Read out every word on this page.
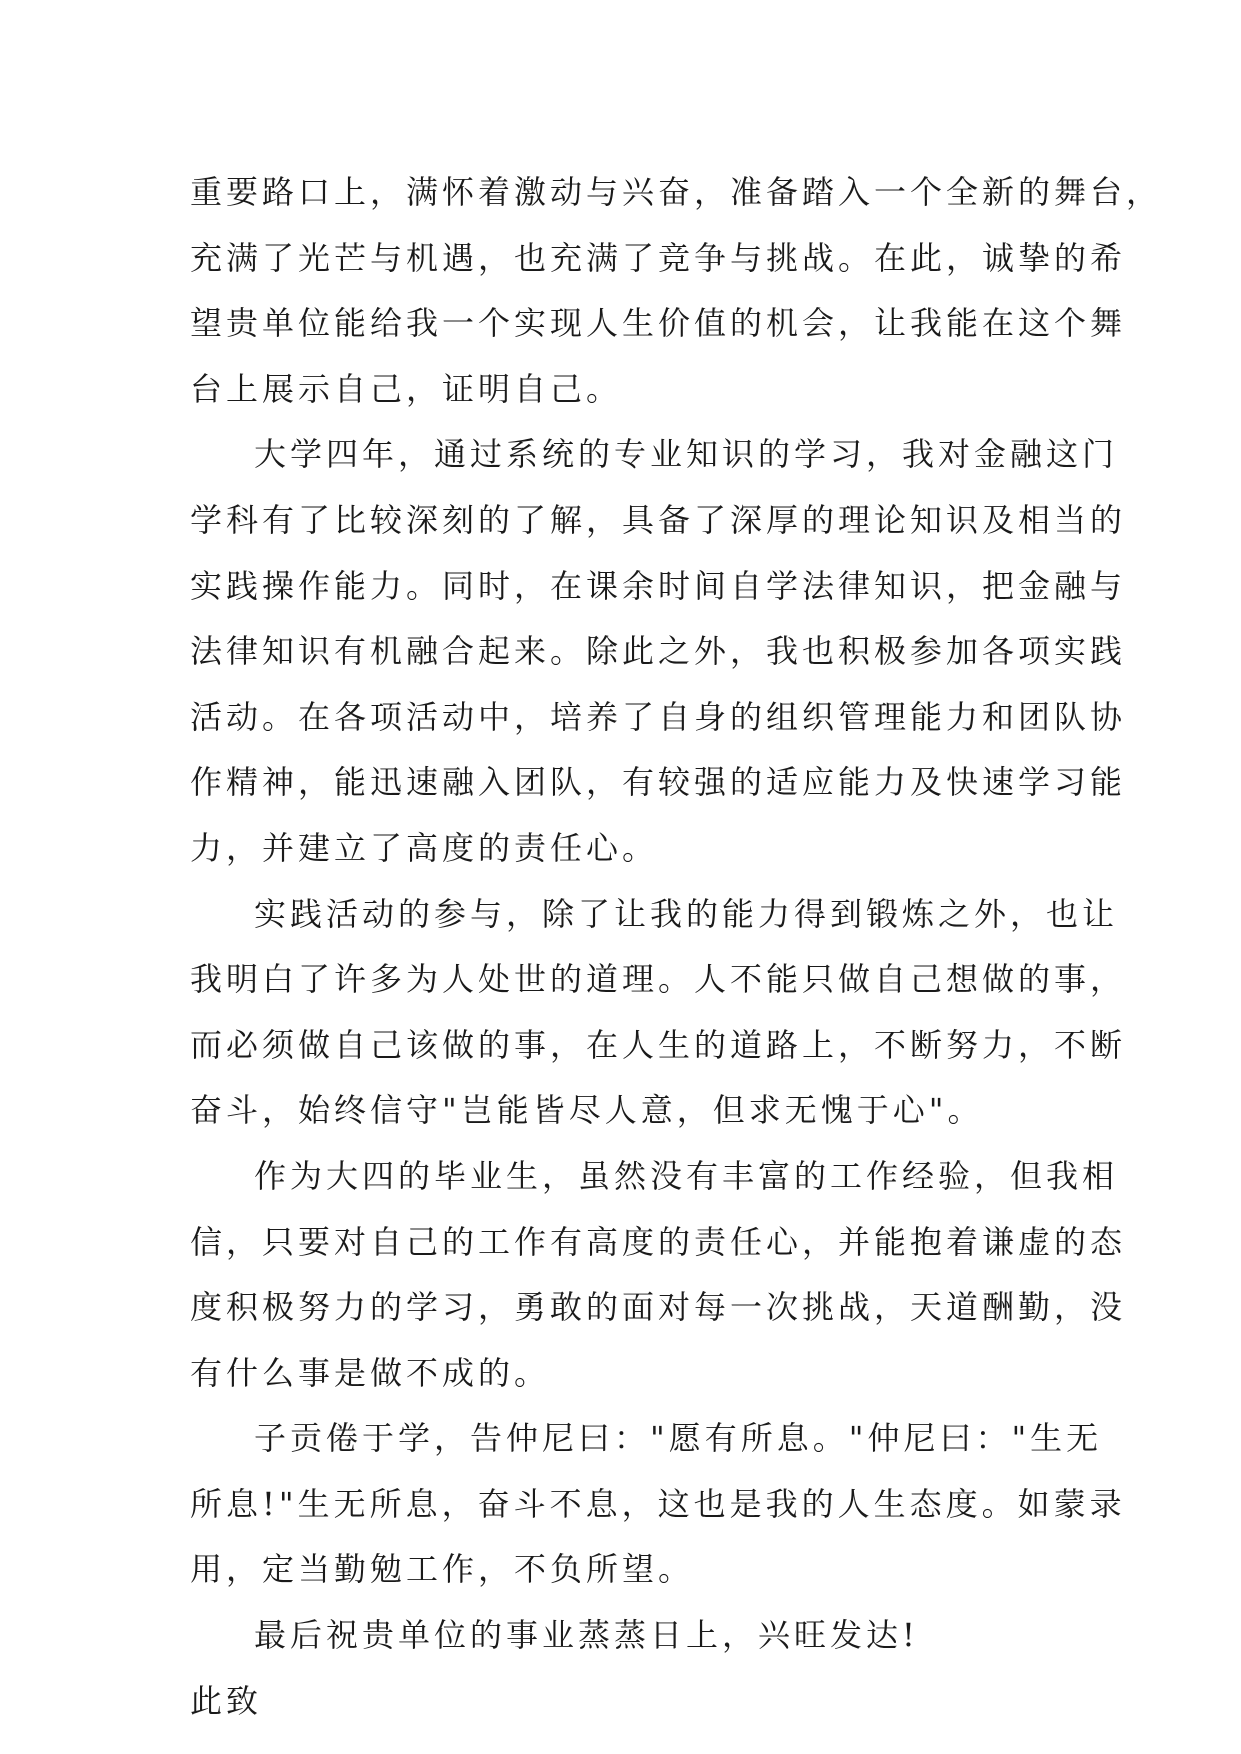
重要路口上，满怀着激动与兴奋，准备踏入一个全新的舞台，
充满了光芒与机遇，也充满了竞争与挑战。在此，诚挚的希
望贵单位能给我一个实现人生价值的机会，让我能在这个舞
台上展示自己，证明自己。
大学四年，通过系统的专业知识的学习，我对金融这门
学科有了比较深刻的了解，具备了深厚的理论知识及相当的
实践操作能力。同时，在课余时间自学法律知识，把金融与
法律知识有机融合起来。除此之外，我也积极参加各项实践
活动。在各项活动中，培养了自身的组织管理能力和团队协
作精神，能迅速融入团队，有较强的适应能力及快速学习能
力，并建立了高度的责任心。
实践活动的参与，除了让我的能力得到锻炼之外，也让
我明白了许多为人处世的道理。人不能只做自己想做的事，
而必须做自己该做的事，在人生的道路上，不断努力，不断
奋斗，始终信守"岂能皆尽人意，但求无愧于心"。
作为大四的毕业生，虽然没有丰富的工作经验，但我相
信，只要对自己的工作有高度的责任心，并能抱着谦虚的态
度积极努力的学习，勇敢的面对每一次挑战，天道酬勤，没
有什么事是做不成的。
子贡倦于学，告仲尼曰："愿有所息。"仲尼曰："生无
所息!"生无所息，奋斗不息，这也是我的人生态度。如蒙录
用，定当勤勉工作，不负所望。
最后祝贵单位的事业蒸蒸日上，兴旺发达!
此致
